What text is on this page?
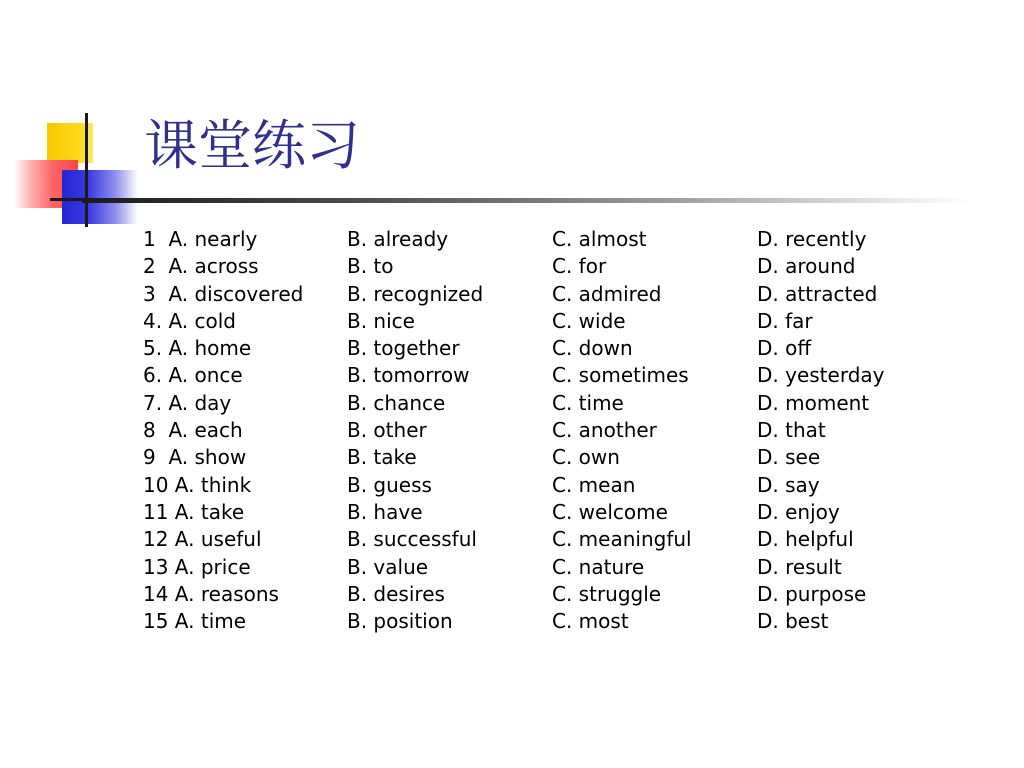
课堂练习
1  A. nearly	B. already	C. almost	D. recently
2  A. across	B. to	C. for	D. around
3  A. discovered	B. recognized	C. admired	D. attracted
4. A. cold	B. nice	C. wide	D. far
5. A. home	B. together	C. down	D. off
6. A. once	B. tomorrow	C. sometimes	D. yesterday
7. A. day	B. chance	C. time	D. moment
8  A. each	B. other	C. another	D. that
9  A. show	B. take	C. own	D. see
10 A. think	B. guess	C. mean	D. say
11 A. take	B. have	C. welcome	D. enjoy
12 A. useful	B. successful	C. meaningful	D. helpful
13 A. price	B. value	C. nature	D. result
14 A. reasons	B. desires	C. struggle	D. purpose
15 A. time	B. position	C. most	D. best
